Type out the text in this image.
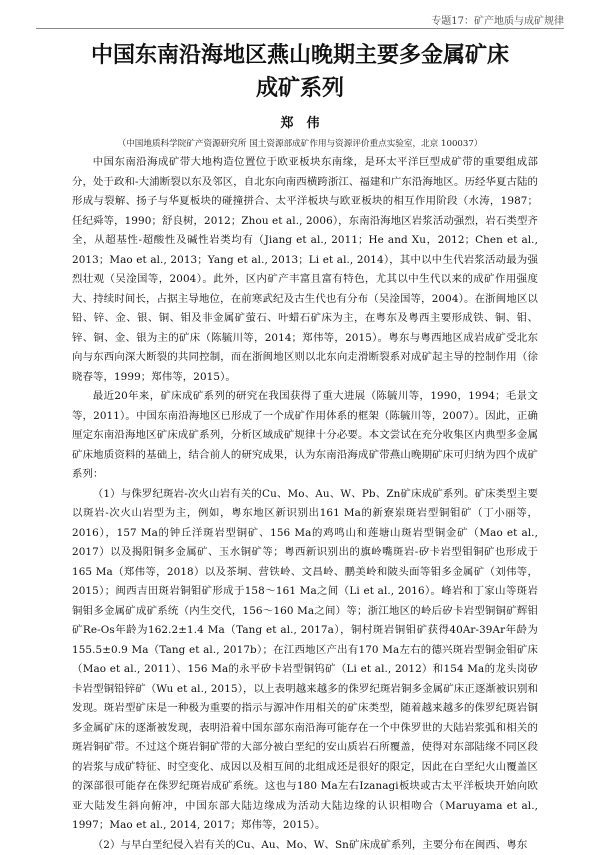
专题17：矿产地质与成矿规律
中国东南沿海地区燕山晚期主要多金属矿床
成矿系列
郑　伟
（中国地质科学院矿产资源研究所 国土资源部成矿作用与资源评价重点实验室，北京 100037）

中国东南沿海成矿带大地构造位置位于欧亚板块东南缘，是环太平洋巨型成矿带的重要组成部分，处于政和-大浦断裂以东及邻区，自北东向南西横跨浙江、福建和广东沿海地区。历经华夏古陆的形成与裂解、扬子与华夏板块的碰撞拼合、太平洋板块与欧亚板块的相互作用阶段（水涛，1987；任纪舜等，1990；舒良树，2012；Zhou et al., 2006），东南沿海地区岩浆活动强烈，岩石类型齐全，从超基性-超酸性及碱性岩类均有（Jiang et al., 2011；He and Xu，2012；Chen et al., 2013；Mao et al., 2013；Yang et al., 2013；Li et al., 2014），其中以中生代岩浆活动最为强烈壮观（吴淦国等，2004）。此外，区内矿产丰富且富有特色，尤其以中生代以来的成矿作用强度大、持续时间长，占据主导地位，在前寒武纪及古生代也有分布（吴淦国等，2004）。在浙闽地区以铅、锌、金、银、铜、钼及非金属矿萤石、叶蜡石矿床为主，在粤东及粤西主要形成铁、铜、钼、锌、铜、金、银为主的矿床（陈毓川等，2014；郑伟等，2015）。粤东与粤西地区成岩成矿受北东向与东西向深大断裂的共同控制，而在浙闽地区则以北东向走滑断裂系对成矿起主导的控制作用（徐晓春等，1999；郑伟等，2015）。

最近20年来，矿床成矿系列的研究在我国获得了重大进展（陈毓川等，1990，1994；毛景文等，2011）。中国东南沿海地区已形成了一个成矿作用体系的框架（陈毓川等，2007）。因此，正确厘定东南沿海地区矿床成矿系列，分析区域成矿规律十分必要。本文尝试在充分收集区内典型多金属矿床地质资料的基础上，结合前人的研究成果，认为东南沿海成矿带燕山晚期矿床可归纳为四个成矿系列：

（1）与侏罗纪斑岩-次火山岩有关的Cu、Mo、Au、W、Pb、Zn矿床成矿系列。矿床类型主要以斑岩-次火山岩型为主，例如，粤东地区新识别出161 Ma的新寮岽斑岩型铜钼矿（丁小丽等，2016），157 Ma的钟丘洋斑岩型铜矿、156 Ma的鸡鸣山和莲塘山斑岩型铜金矿（Mao et al., 2017）以及揭阳铜多金属矿、玉水铜矿等；粤西新识别出的旗岭嘴斑岩-矽卡岩型钼铜矿也形成于165 Ma（郑伟等，2018）以及茶垌、营铁岭、文昌岭、鹏美岭和陂头面等钼多金属矿（刘伟等，2015）；闽西吉田斑岩铜钼矿形成于158～161 Ma之间（Li et al., 2016）。峰岩和丁家山等斑岩铜钼多金属矿成矿系统（内生交代，156～160 Ma之间）等；浙江地区的岭后矽卡岩型铜铜矿辉钼矿Re-Os年龄为162.2±1.4 Ma（Tang et al., 2017a），铜村斑岩铜钼矿获得40Ar-39Ar年龄为155.5±0.9 Ma（Tang et al., 2017b）；在江西地区产出有170 Ma左右的德兴斑岩型铜金钼矿床（Mao et al., 2011）、156 Ma的永平矽卡岩型铜钨矿（Li et al., 2012）和154 Ma的龙头岗矽卡岩型铜铅锌矿（Wu et al., 2015），以上表明越来越多的侏罗纪斑岩铜多金属矿床正逐渐被识别和发现。斑岩型矿床是一种极为重要的指示与源冲作用相关的矿床类型，随着越来越多的侏罗纪斑岩铜多金属矿床的逐渐被发现，表明沿着中国东部东南沿海可能存在一个中侏罗世的大陆岩浆弧和相关的斑岩铜矿带。不过这个斑岩铜矿带的大部分被白垩纪的安山质岩石所覆盖，使得对东部陆缘不同区段的岩浆与成矿特征、时空变化、成因以及相互间的北组成还是很好的限定，因此在白垩纪火山覆盖区的深部很可能存在侏罗纪斑岩成矿系统。这也与180 Ma左右Izanagi板块或古太平洋板块开始向欧亚大陆发生斜向俯冲，中国东部大陆边缘成为活动大陆边缘的认识相吻合（Maruyama et al., 1997；Mao et al., 2014, 2017；郑伟等，2015）。

（2）与早白垩纪侵入岩有关的Cu、Au、Mo、W、Sn矿床成矿系列，主要分布在闽西、粤东
